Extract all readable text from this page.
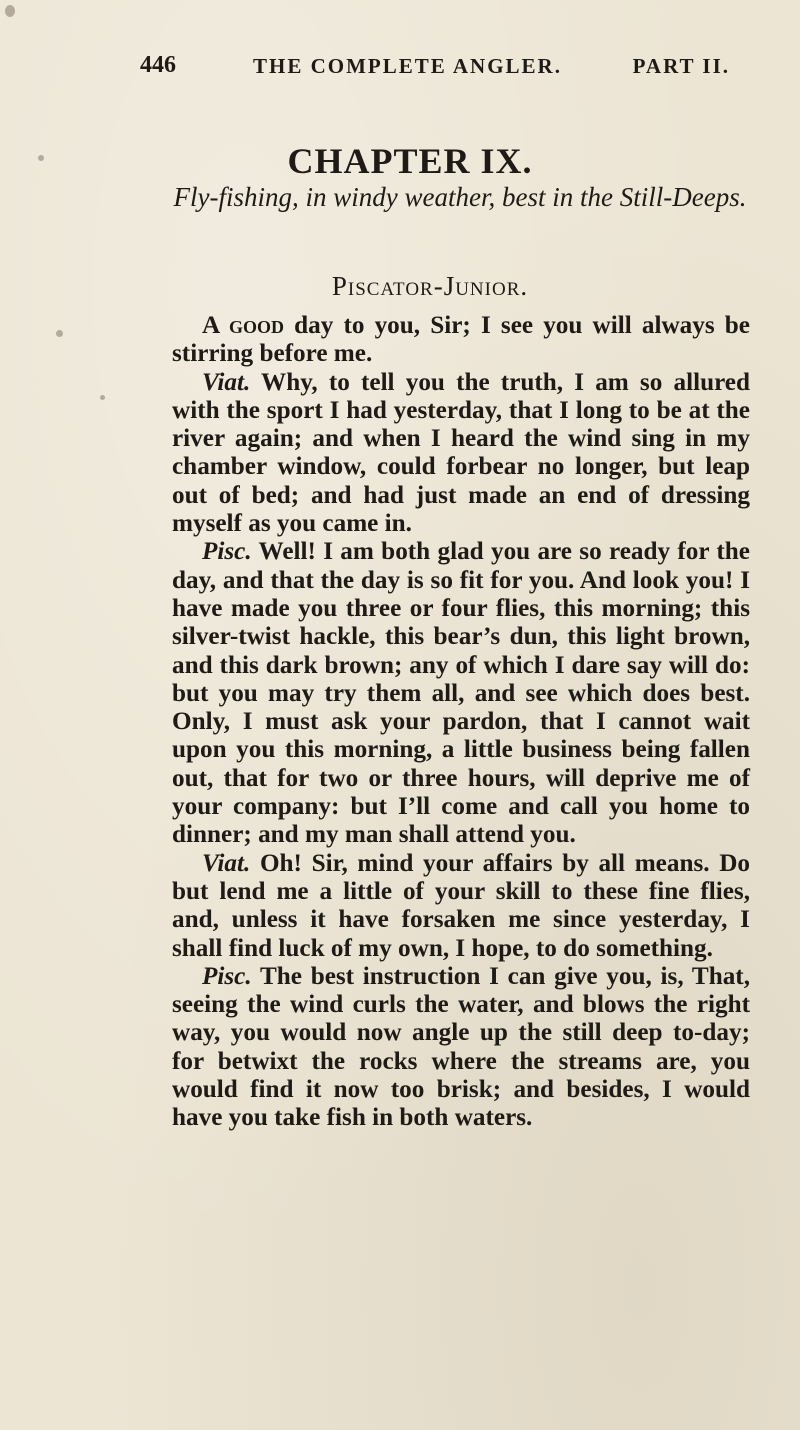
446	THE COMPLETE ANGLER.	PART II.
CHAPTER IX.
Fly-fishing, in windy weather, best in the Still-Deeps.
Piscator-Junior.

A good day to you, Sir; I see you will always be stirring before me.

Viat. Why, to tell you the truth, I am so allured with the sport I had yesterday, that I long to be at the river again; and when I heard the wind sing in my chamber window, could forbear no longer, but leap out of bed; and had just made an end of dressing myself as you came in.

Pisc. Well! I am both glad you are so ready for the day, and that the day is so fit for you. And look you! I have made you three or four flies, this morning; this silver-twist hackle, this bear’s dun, this light brown, and this dark brown; any of which I dare say will do: but you may try them all, and see which does best. Only, I must ask your pardon, that I cannot wait upon you this morning, a little business being fallen out, that for two or three hours, will deprive me of your company: but I’ll come and call you home to dinner; and my man shall attend you.

Viat. Oh! Sir, mind your affairs by all means. Do but lend me a little of your skill to these fine flies, and, unless it have forsaken me since yesterday, I shall find luck of my own, I hope, to do something.

Pisc. The best instruction I can give you, is, That, seeing the wind curls the water, and blows the right way, you would now angle up the still deep to-day; for betwixt the rocks where the streams are, you would find it now too brisk; and besides, I would have you take fish in both waters.
